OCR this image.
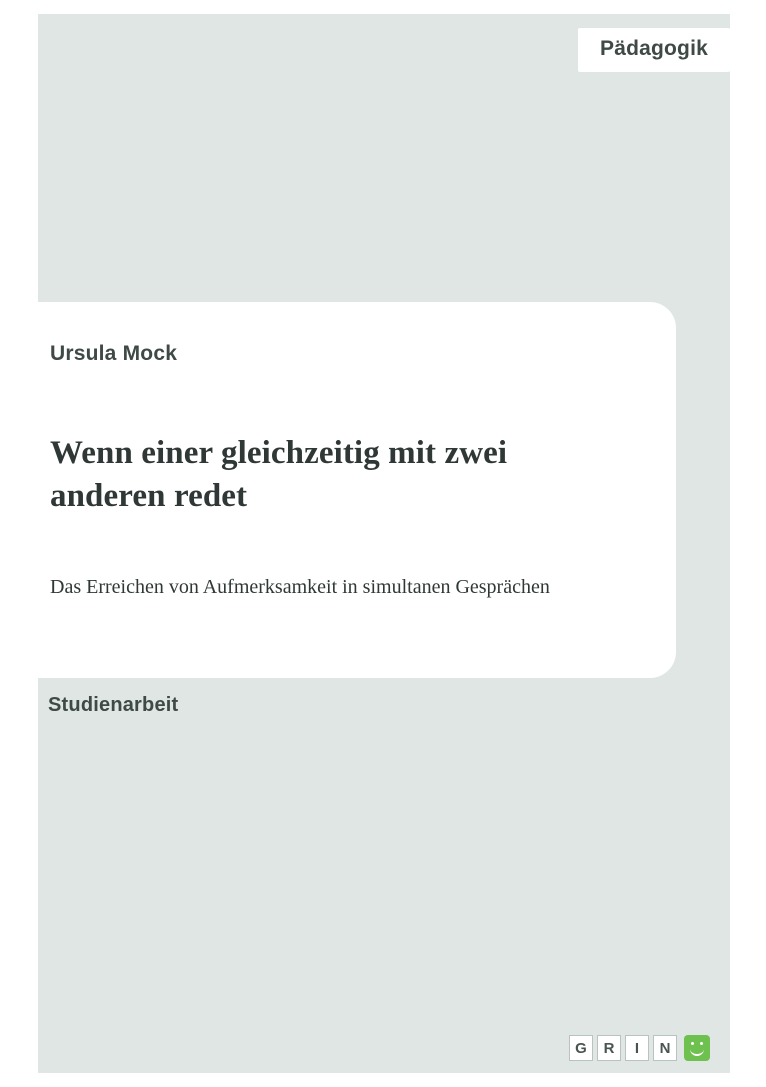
Pädagogik
Ursula Mock
Wenn einer gleichzeitig mit zwei anderen redet
Das Erreichen von Aufmerksamkeit in simultanen Gesprächen
Studienarbeit
G	R	I	N
